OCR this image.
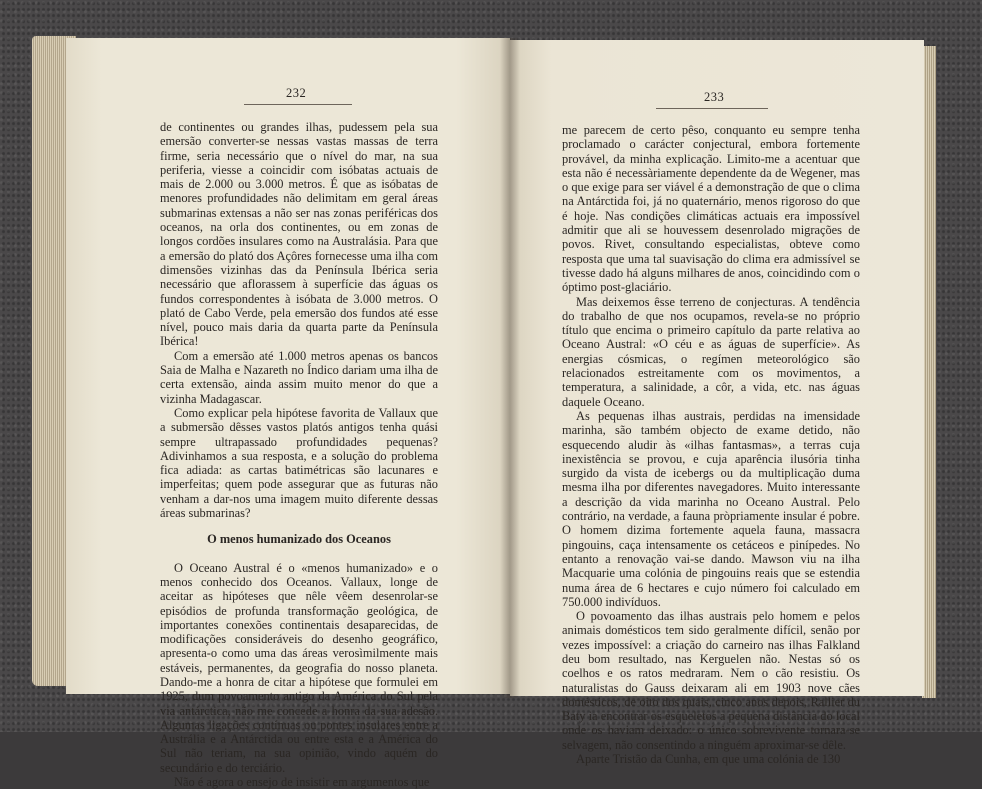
232

de continentes ou grandes ilhas, pudessem pela sua emersão converter-se nessas vastas massas de terra firme, seria necessário que o nível do mar, na sua periferia, viesse a coincidir com isóbatas actuais de mais de 2.000 ou 3.000 metros. É que as isóbatas de menores profundidades não delimitam em geral áreas submarinas extensas a não ser nas zonas periféricas dos oceanos, na orla dos continentes, ou em zonas de longos cordões insulares como na Australásia. Para que a emersão do plató dos Açôres fornecesse uma ilha com dimensões vizinhas das da Península Ibérica seria necessário que aflorassem à superfície das águas os fundos correspondentes à isóbata de 3.000 metros. O plató de Cabo Verde, pela emersão dos fundos até esse nível, pouco mais daria da quarta parte da Península Ibérica!

Com a emersão até 1.000 metros apenas os bancos Saia de Malha e Nazareth no Índico dariam uma ilha de certa extensão, ainda assim muito menor do que a vizinha Madagascar.

Como explicar pela hipótese favorita de Vallaux que a submersão dêsses vastos platós antigos tenha quási sempre ultrapassado profundidades pequenas? Adivinhamos a sua resposta, e a solução do problema fica adiada: as cartas batimétricas são lacunares e imperfeitas; quem pode assegurar que as futuras não venham a dar-nos uma imagem muito diferente dessas áreas submarinas?

O menos humanizado dos Oceanos

O Oceano Austral é o «menos humanizado» e o menos conhecido dos Oceanos. Vallaux, longe de aceitar as hipóteses que nêle vêem desenrolar-se episódios de profunda transformação geológica, de importantes conexões continentais desaparecidas, de modificações consideráveis do desenho geográfico, apresenta-o como uma das áreas verosìmilmente mais estáveis, permanentes, da geografia do nosso planeta. Dando-me a honra de citar a hipótese que formulei em 1925, dum povoamento antigo da América do Sul pela via antárctica, não me concede a honra da sua adesão. Algumas ligações contínuas ou pontes insulares entre a Austrália e a Antárctida ou entre esta e a América do Sul não teriam, na sua opinião, vindo aquém do secundário e do terciário.

Não é agora o ensejo de insistir em argumentos que

233

me parecem de certo pêso, conquanto eu sempre tenha proclamado o carácter conjectural, embora fortemente provável, da minha explicação. Limito-me a acentuar que esta não é necessàriamente dependente da de Wegener, mas o que exige para ser viável é a demonstração de que o clima na Antárctida foi, já no quaternário, menos rigoroso do que é hoje. Nas condições climáticas actuais era impossível admitir que ali se houvessem desenrolado migrações de povos. Rivet, consultando especialistas, obteve como resposta que uma tal suavisação do clima era admissível se tivesse dado há alguns milhares de anos, coincidindo com o óptimo post-glaciário.

Mas deixemos êsse terreno de conjecturas. A tendência do trabalho de que nos ocupamos, revela-se no próprio título que encima o primeiro capítulo da parte relativa ao Oceano Austral: «O céu e as águas de superfície». As energias cósmicas, o regímen meteorológico são relacionados estreitamente com os movimentos, a temperatura, a salinidade, a côr, a vida, etc. nas águas daquele Oceano.

As pequenas ilhas austrais, perdidas na imensidade marinha, são também objecto de exame detido, não esquecendo aludir às «ilhas fantasmas», a terras cuja inexistência se provou, e cuja aparência ilusória tinha surgido da vista de icebergs ou da multiplicação duma mesma ilha por diferentes navegadores. Muito interessante a descrição da vida marinha no Oceano Austral. Pelo contrário, na verdade, a fauna pròpriamente insular é pobre. O homem dizima fortemente aquela fauna, massacra pingouins, caça intensamente os cetáceos e pinípedes. No entanto a renovação vai-se dando. Mawson viu na ilha Macquarie uma colónia de pingouins reais que se estendia numa área de 6 hectares e cujo número foi calculado em 750.000 indivíduos.

O povoamento das ilhas austrais pelo homem e pelos animais domésticos tem sido geralmente difícil, senão por vezes impossível: a criação do carneiro nas ilhas Falkland deu bom resultado, nas Kerguelen não. Nestas só os coelhos e os ratos medraram. Nem o cão resistiu. Os naturalistas do Gauss deixaram ali em 1903 nove cães domésticos, de oito dos quais, cinco anos depois, Rallier du Baty ia encontrar os esqueletos a pequena distância do local onde os haviam deixado: o único sobrevivente tornara-se selvagem, não consentindo a ninguém aproximar-se dêle.

Aparte Tristão da Cunha, em que uma colónia de 130
